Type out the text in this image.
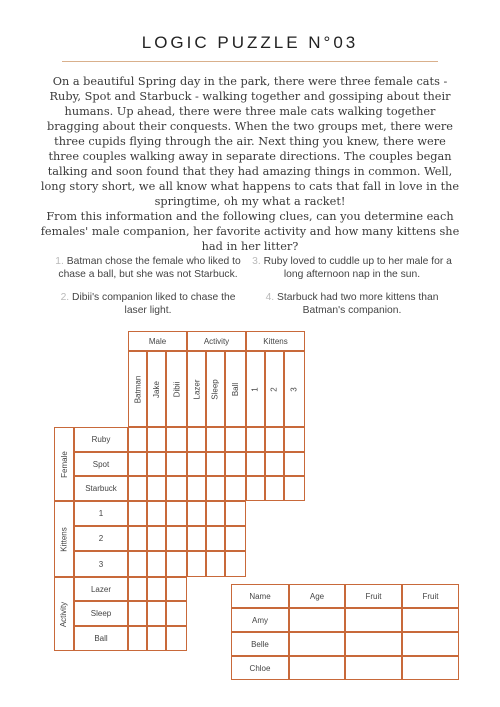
LOGIC PUZZLE N°03

On a beautiful Spring day in the park, there were three female cats - Ruby, Spot and Starbuck - walking together and gossiping about their humans. Up ahead, there were three male cats walking together bragging about their conquests. When the two groups met, there were three cupids flying through the air. Next thing you knew, there were three couples walking away in separate directions. The couples began talking and soon found that they had amazing things in common. Well, long story short, we all know what happens to cats that fall in love in the springtime, oh my what a racket!

From this information and the following clues, can you determine each females' male companion, her favorite activity and how many kittens she had in her litter?

1. Batman chose the female who liked to chase a ball, but she was not Starbuck.
2. Dibii's companion liked to chase the laser light.
3. Ruby loved to cuddle up to her male for a long afternoon nap in the sun.
4. Starbuck had two more kittens than Batman's companion.
Male
Batman Jake Dibii
Activity
Lazer Sleep Ball
Kittens
1 2 3
Female
Ruby
Spot
Starbuck
Kittens
1
2
3
Activity
Lazer
Sleep
Ball
Name	Age	Fruit	Fruit
Amy
Belle
Chloe
